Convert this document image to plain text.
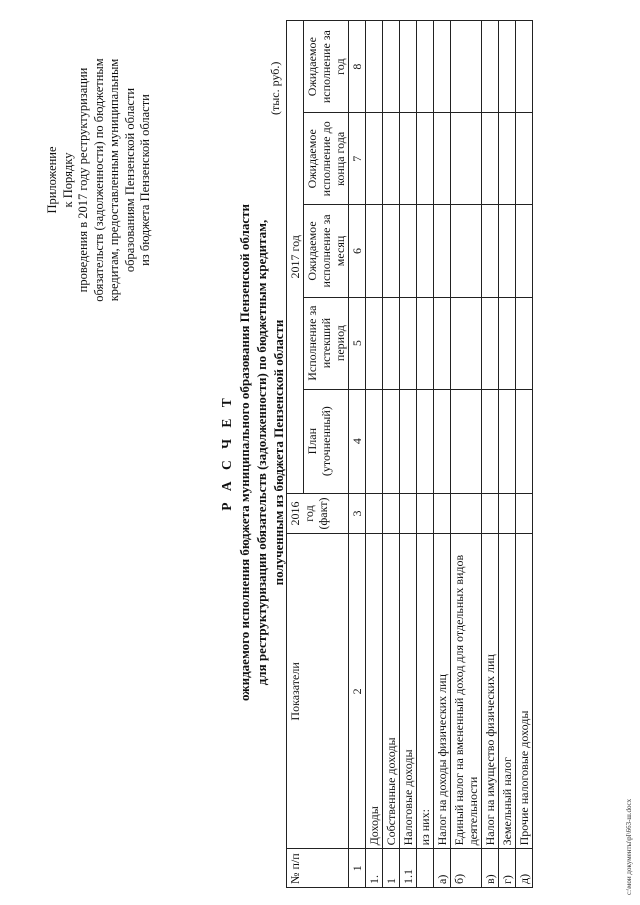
Приложение к Порядку проведения в 2017 году реструктуризации обязательств (задолженности) по бюджетным кредитам, предоставленным муниципальным образованиям Пензенской области из бюджета Пензенской области
Р А С Ч Е Т ожидаемого исполнения бюджета муниципального образования Пензенской области для реструктуризации обязательств (задолженности) по бюджетным кредитам, полученным из бюджета Пензенской области
(тыс. руб.)
№ п/п	Показатели	2016 год (факт)	2017 год				
			План (уточненный)	Исполнение за истекший период	Ожидаемое исполнение за месяц	Ожидаемое исполнение до конца года	Ожидаемое исполнение за год
1	2	3	4	5	6	7	8
1.	Доходы						
1	Собственные доходы						
1.1	Налоговые доходы						
	из них:						
а)	Налог на доходы физических лиц						
б)	Единый налог на вмененный доход для отдельных видов деятельности						
в)	Налог на имущество физических лиц						
г)	Земельный налог						
д)	Прочие налоговые доходы						
c:\мои документы\pl\663-ш.docx
